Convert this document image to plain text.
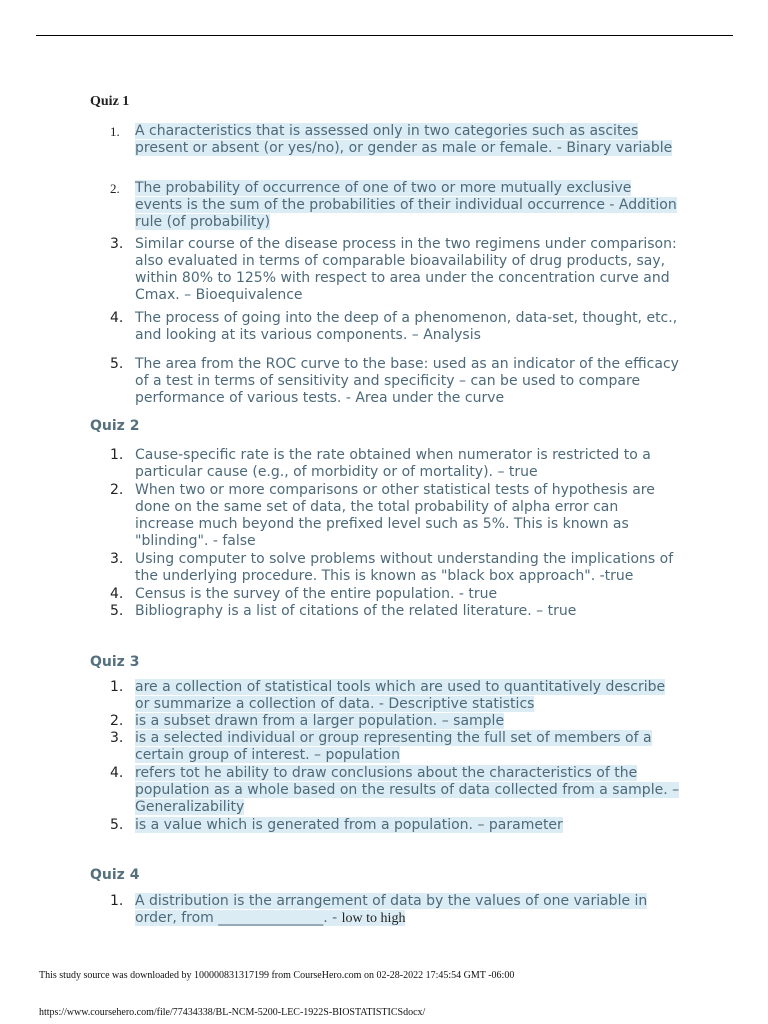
Quiz 1
1. A characteristics that is assessed only in two categories such as ascites present or absent (or yes/no), or gender as male or female. - Binary variable
2. The probability of occurrence of one of two or more mutually exclusive events is the sum of the probabilities of their individual occurrence - Addition rule (of probability)
3. Similar course of the disease process in the two regimens under comparison: also evaluated in terms of comparable bioavailability of drug products, say, within 80% to 125% with respect to area under the concentration curve and Cmax. – Bioequivalence
4. The process of going into the deep of a phenomenon, data-set, thought, etc., and looking at its various components. – Analysis
5. The area from the ROC curve to the base: used as an indicator of the efficacy of a test in terms of sensitivity and specificity – can be used to compare performance of various tests. - Area under the curve
Quiz 2
1. Cause-specific rate is the rate obtained when numerator is restricted to a particular cause (e.g., of morbidity or of mortality). – true
2. When two or more comparisons or other statistical tests of hypothesis are done on the same set of data, the total probability of alpha error can increase much beyond the prefixed level such as 5%. This is known as "blinding". - false
3. Using computer to solve problems without understanding the implications of the underlying procedure. This is known as "black box approach". -true
4. Census is the survey of the entire population. - true
5. Bibliography is a list of citations of the related literature. – true
Quiz 3
1. are a collection of statistical tools which are used to quantitatively describe or summarize a collection of data. - Descriptive statistics
2. is a subset drawn from a larger population. – sample
3. is a selected individual or group representing the full set of members of a certain group of interest. – population
4. refers tot he ability to draw conclusions about the characteristics of the population as a whole based on the results of data collected from a sample. – Generalizability
5. is a value which is generated from a population. – parameter
Quiz 4
1. A distribution is the arrangement of data by the values of one variable in order, from _______________. - low to high
This study source was downloaded by 100000831317199 from CourseHero.com on 02-28-2022 17:45:54 GMT -06:00
https://www.coursehero.com/file/77434338/BL-NCM-5200-LEC-1922S-BIOSTATISTICSdocx/
